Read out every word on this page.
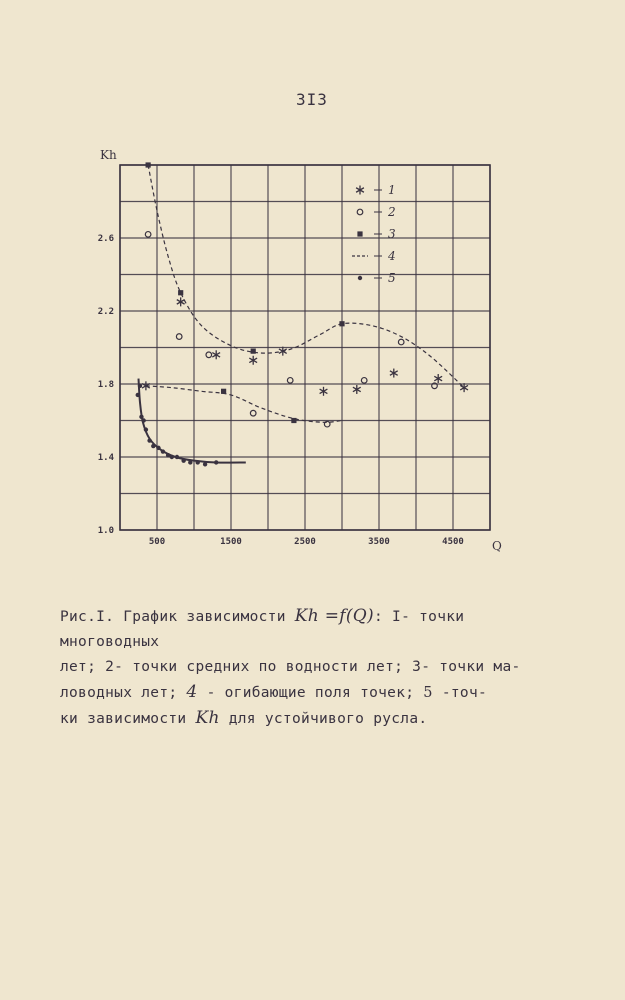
3I3
500	1500	2500	3500	4500
1.0
1.4
1.8
2.2
2.6
Q
Kh
1
2
3
4
5
Рис.I. График зависимости Kh =f(Q): I- точки многоводных
лет; 2- точки средних по водности лет; 3- точки ма-
ловодных лет; 4 - огибающие поля точек; 5 -точ-
ки зависимости Kh для устойчивого русла.
